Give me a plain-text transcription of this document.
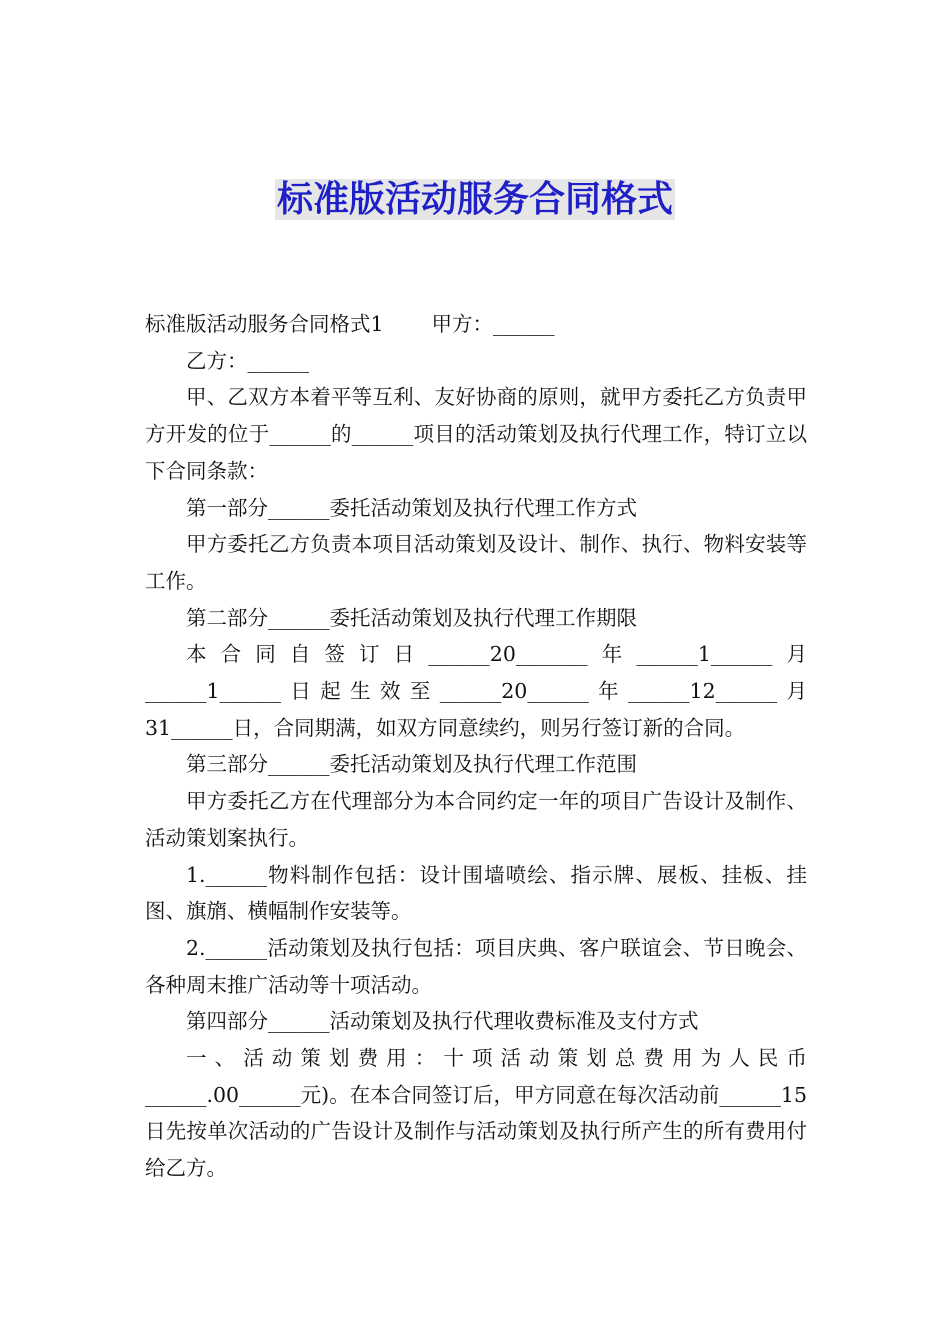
标准版活动服务合同格式

标准版活动服务合同格式1 甲方：______

乙方：______

甲、乙双方本着平等互利、友好协商的原则，就甲方委托乙方负责甲方开发的位于______的______项目的活动策划及执行代理工作，特订立以下合同条款：

第一部分______委托活动策划及执行代理工作方式

甲方委托乙方负责本项目活动策划及设计、制作、执行、物料安装等工作。

第二部分______委托活动策划及执行代理工作期限

本合同自签订日______20_______年______1______月

______1______日起生效至______20______年______12______月

31______日，合同期满，如双方同意续约，则另行签订新的合同。

第三部分______委托活动策划及执行代理工作范围

甲方委托乙方在代理部分为本合同约定一年的项目广告设计及制作、活动策划案执行。

1.______物料制作包括：设计围墙喷绘、指示牌、展板、挂板、挂图、旗旓、横幅制作安装等。

2.______活动策划及执行包括：项目庆典、客户联谊会、节日晚会、各种周末推广活动等十项活动。

第四部分______活动策划及执行代理收费标准及支付方式

一、活动策划费用：十项活动策划总费用为人民币

______.00______元)。在本合同签订后，甲方同意在每次活动前______15日先按单次活动的广告设计及制作与活动策划及执行所产生的所有费用付给乙方。
